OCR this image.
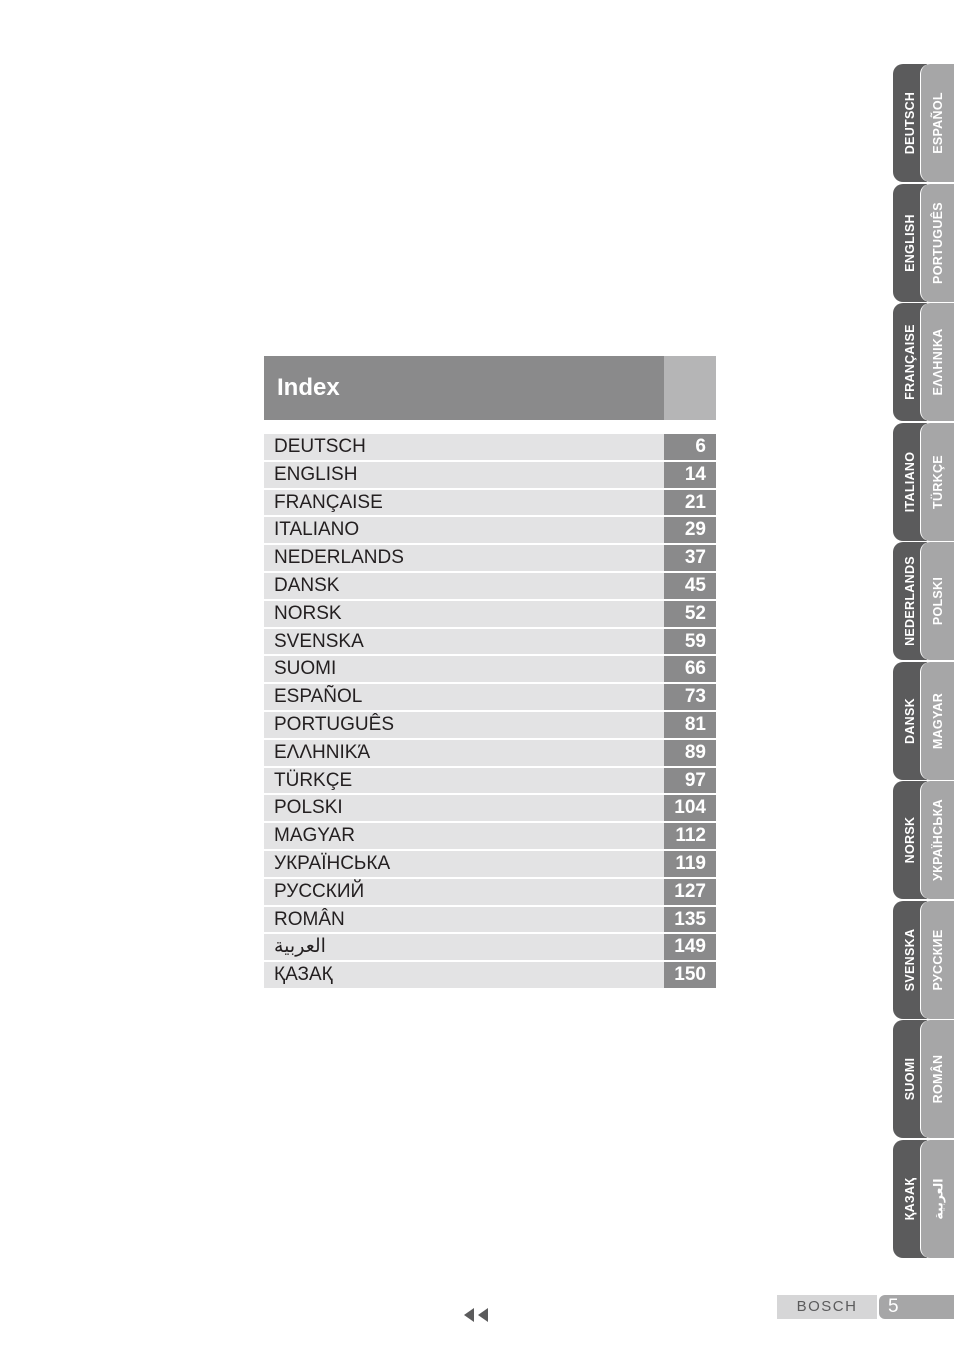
Index
DEUTSCH	6
ENGLISH	14
FRANÇAISE	21
ITALIANO	29
NEDERLANDS	37
DANSK	45
NORSK	52
SVENSKA	59
SUOMI	66
ESPAÑOL	73
PORTUGUÊS	81
ΕΛΛΗΝΙΚΆ	89
TÜRKÇE	97
POLSKI	104
MAGYAR	112
УКРАЇНСЬКА	119
РУССКИЙ	127
ROMÂN	135
العربية	149
ҚАЗАҚ	150
DEUTSCH
ENGLISH
FRANÇAISE
ITALIANO
NEDERLANDS
DANSK
NORSK
SVENSKA
SUOMI
ҚАЗАҚ
ESPAÑOL
PORTUGUÊS
ΕΛΛΗΝΙΚΑ
TÜRKÇE
POLSKI
MAGYAR
УКРАЇНСЬКА
РУССКИЕ
ROMÂN
العربية
BOSCH	5
